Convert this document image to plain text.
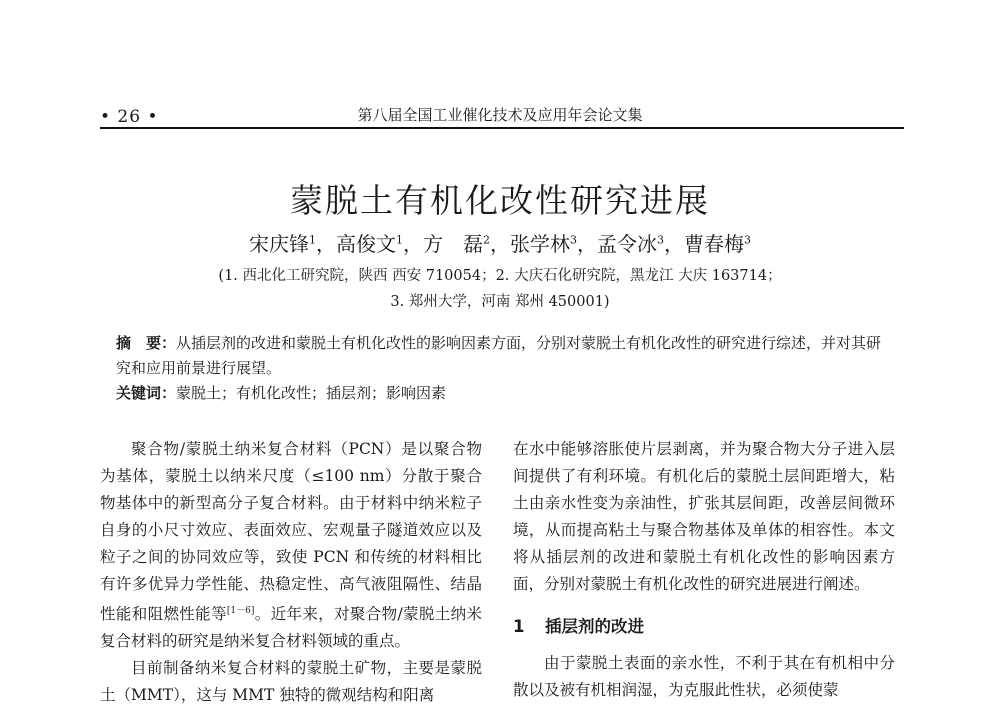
• 26 •	第八届全国工业催化技术及应用年会论文集
蒙脱土有机化改性研究进展
宋庆锋$^1$，高俊文$^1$，方　磊$^2$，张学林$^3$，孟令冰$^3$，曹春梅$^3$
(1. 西北化工研究院，陕西 西安 710054；2. 大庆石化研究院，黑龙江 大庆 163714；
3. 郑州大学，河南 郑州 450001)

摘　要：从插层剂的改进和蒙脱土有机化改性的影响因素方面，分别对蒙脱土有机化改性的研究进行综述，并对其研究和应用前景进行展望。

关键词：蒙脱土；有机化改性；插层剂；影响因素

聚合物/蒙脱土纳米复合材料（PCN）是以聚合物为基体，蒙脱土以纳米尺度（≤100 nm）分散于聚合物基体中的新型高分子复合材料。由于材料中纳米粒子自身的小尺寸效应、表面效应、宏观量子隧道效应以及粒子之间的协同效应等，致使 PCN 和传统的材料相比有许多优异力学性能、热稳定性、高气液阻隔性、结晶性能和阻燃性能等[1－6]。近年来，对聚合物/蒙脱土纳米复合材料的研究是纳米复合材料领域的重点。

目前制备纳米复合材料的蒙脱土矿物，主要是蒙脱土（MMT），这与 MMT 独特的微观结构和阳离

在水中能够溶胀使片层剥离，并为聚合物大分子进入层间提供了有利环境。有机化后的蒙脱土层间距增大，粘土由亲水性变为亲油性，扩张其层间距，改善层间微环境，从而提高粘土与聚合物基体及单体的相容性。本文将从插层剂的改进和蒙脱土有机化改性的影响因素方面，分别对蒙脱土有机化改性的研究进展进行阐述。

1 插层剂的改进

由于蒙脱土表面的亲水性，不利于其在有机相中分散以及被有机相润湿，为克服此性状，必须使蒙
